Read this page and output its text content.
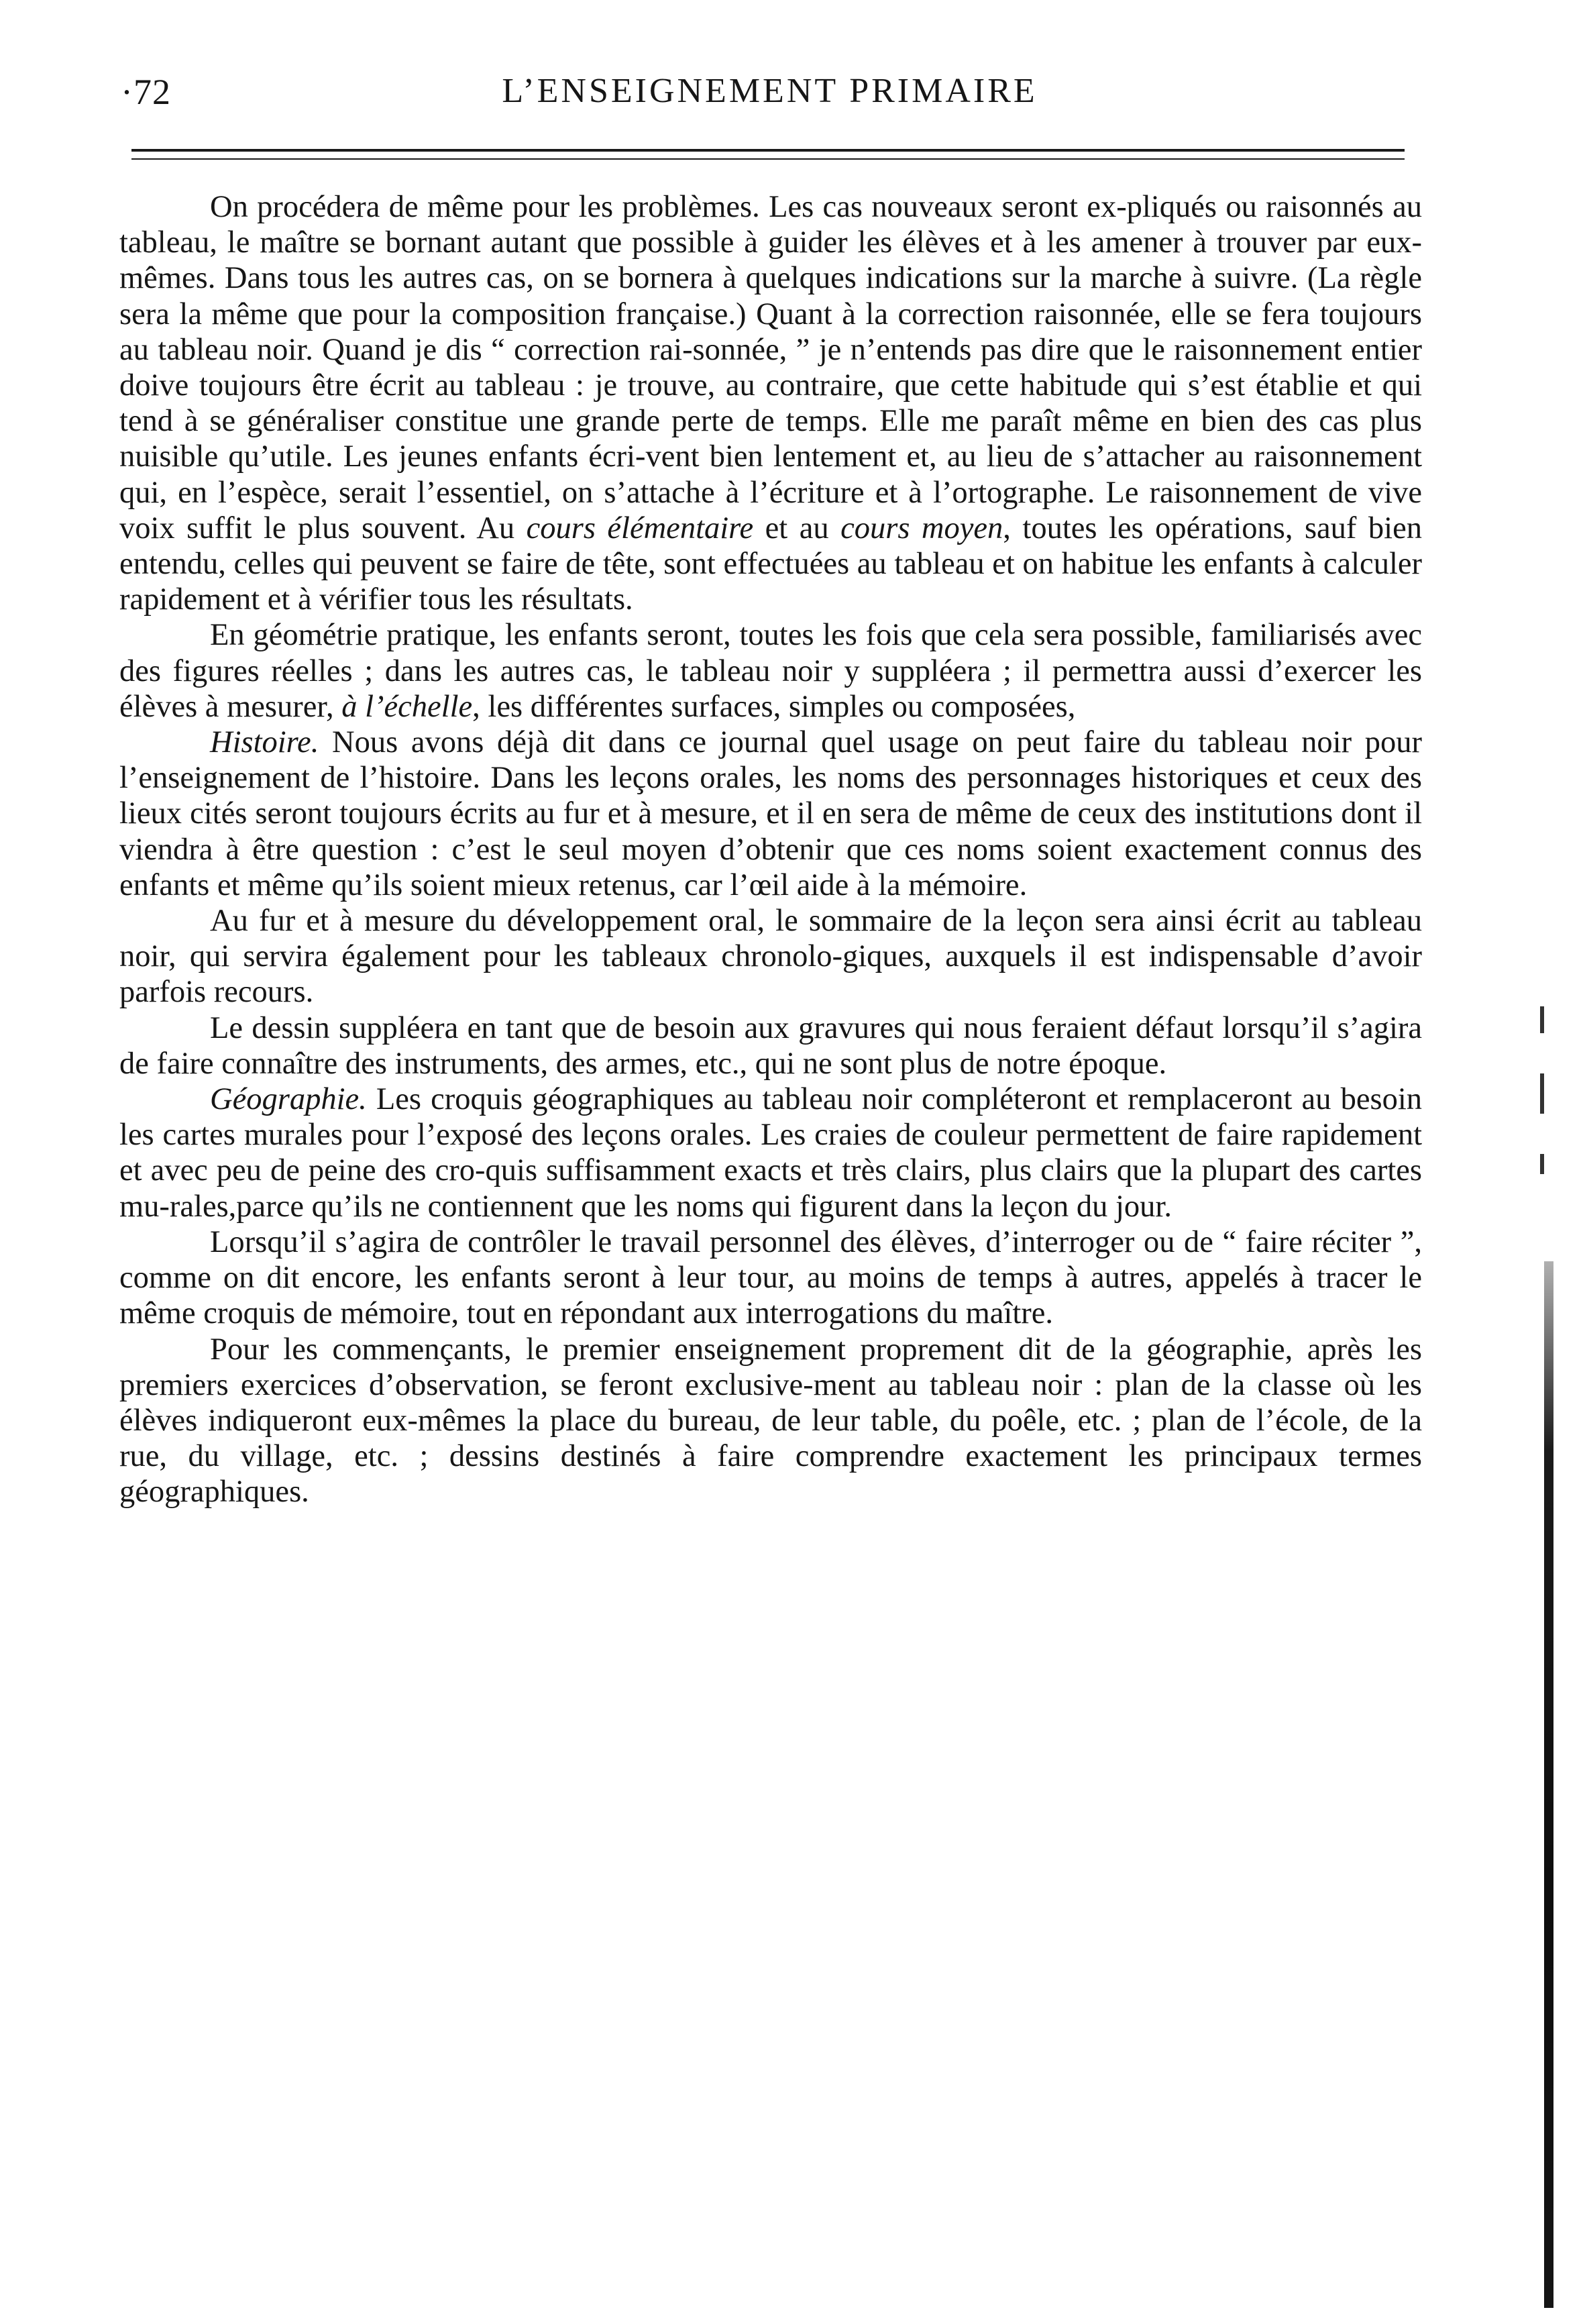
·72	L’ENSEIGNEMENT PRIMAIRE

On procédera de même pour les problèmes. Les cas nouveaux seront ex-pliqués ou raisonnés au tableau, le maître se bornant autant que possible à guider les élèves et à les amener à trouver par eux-mêmes. Dans tous les autres cas, on se bornera à quelques indications sur la marche à suivre. (La règle sera la même que pour la composition française.) Quant à la correction raisonnée, elle se fera toujours au tableau noir. Quand je dis “ correction rai-sonnée, ” je n’entends pas dire que le raisonnement entier doive toujours être écrit au tableau : je trouve, au contraire, que cette habitude qui s’est établie et qui tend à se généraliser constitue une grande perte de temps. Elle me paraît même en bien des cas plus nuisible qu’utile. Les jeunes enfants écri-vent bien lentement et, au lieu de s’attacher au raisonnement qui, en l’espèce, serait l’essentiel, on s’attache à l’écriture et à l’ortographe. Le raisonnement de vive voix suffit le plus souvent. Au cours élémentaire et au cours moyen, toutes les opérations, sauf bien entendu, celles qui peuvent se faire de tête, sont effectuées au tableau et on habitue les enfants à calculer rapidement et à vérifier tous les résultats.

En géométrie pratique, les enfants seront, toutes les fois que cela sera possible, familiarisés avec des figures réelles ; dans les autres cas, le tableau noir y suppléera ; il permettra aussi d’exercer les élèves à mesurer, à l’échelle, les différentes surfaces, simples ou composées,

Histoire. Nous avons déjà dit dans ce journal quel usage on peut faire du tableau noir pour l’enseignement de l’histoire. Dans les leçons orales, les noms des personnages historiques et ceux des lieux cités seront toujours écrits au fur et à mesure, et il en sera de même de ceux des institutions dont il viendra à être question : c’est le seul moyen d’obtenir que ces noms soient exactement connus des enfants et même qu’ils soient mieux retenus, car l’œil aide à la mémoire.

Au fur et à mesure du développement oral, le sommaire de la leçon sera ainsi écrit au tableau noir, qui servira également pour les tableaux chronolo-giques, auxquels il est indispensable d’avoir parfois recours.

Le dessin suppléera en tant que de besoin aux gravures qui nous feraient défaut lorsqu’il s’agira de faire connaître des instruments, des armes, etc., qui ne sont plus de notre époque.

Géographie. Les croquis géographiques au tableau noir compléteront et remplaceront au besoin les cartes murales pour l’exposé des leçons orales. Les craies de couleur permettent de faire rapidement et avec peu de peine des cro-quis suffisamment exacts et très clairs, plus clairs que la plupart des cartes mu-rales,parce qu’ils ne contiennent que les noms qui figurent dans la leçon du jour.

Lorsqu’il s’agira de contrôler le travail personnel des élèves, d’interroger ou de “ faire réciter ”, comme on dit encore, les enfants seront à leur tour, au moins de temps à autres, appelés à tracer le même croquis de mémoire, tout en répondant aux interrogations du maître.

Pour les commençants, le premier enseignement proprement dit de la géographie, après les premiers exercices d’observation, se feront exclusive-ment au tableau noir : plan de la classe où les élèves indiqueront eux-mêmes la place du bureau, de leur table, du poêle, etc. ; plan de l’école, de la rue, du village, etc. ; dessins destinés à faire comprendre exactement les principaux termes géographiques.
